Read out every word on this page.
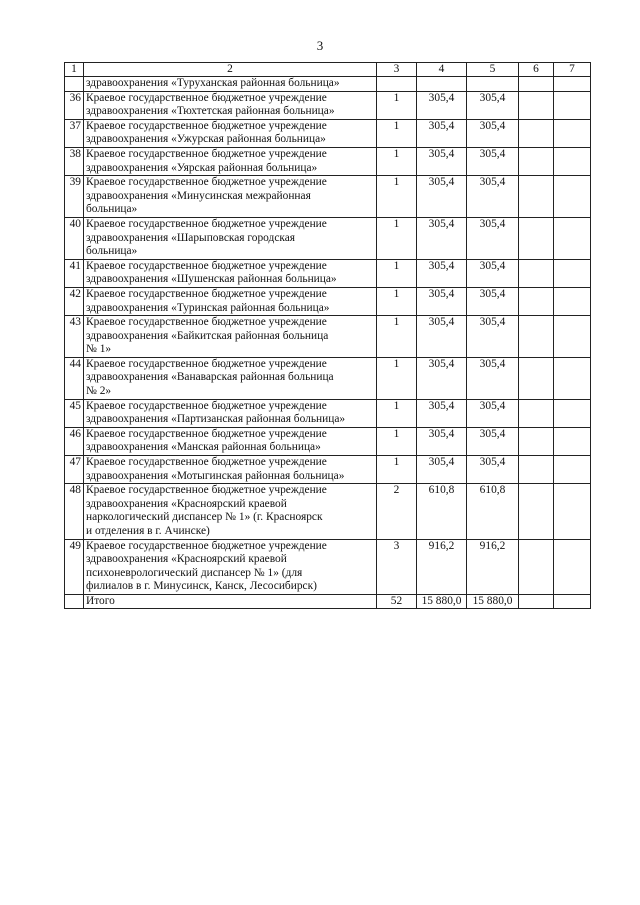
3
1	2	3	4	5	6	7

	здравоохранения «Туруханская районная больница»					

36	Краевое государственное бюджетное учреждение
здравоохранения «Тюхтетская районная больница»	1	305,4	305,4		
37	Краевое государственное бюджетное учреждение
здравоохранения «Ужурская районная больница»	1	305,4	305,4		
38	Краевое государственное бюджетное учреждение
здравоохранения «Уярская районная больница»	1	305,4	305,4		
39	Краевое государственное бюджетное учреждение
здравоохранения «Минусинская межрайонная
больница»	1	305,4	305,4		
40	Краевое государственное бюджетное учреждение
здравоохранения «Шарыповская городская
больница»	1	305,4	305,4		
41	Краевое государственное бюджетное учреждение
здравоохранения «Шушенская районная больница»	1	305,4	305,4		
42	Краевое государственное бюджетное учреждение
здравоохранения «Туринская районная больница»	1	305,4	305,4		
43	Краевое государственное бюджетное учреждение
здравоохранения «Байкитская районная больница
№ 1»	1	305,4	305,4		
44	Краевое государственное бюджетное учреждение
здравоохранения «Ванаварская районная больница
№ 2»	1	305,4	305,4		
45	Краевое государственное бюджетное учреждение
здравоохранения «Партизанская районная больница»	1	305,4	305,4		
46	Краевое государственное бюджетное учреждение
здравоохранения «Манская районная больница»	1	305,4	305,4		
47	Краевое государственное бюджетное учреждение
здравоохранения «Мотыгинская районная больница»	1	305,4	305,4		
48	Краевое государственное бюджетное учреждение
здравоохранения «Красноярский краевой
наркологический диспансер № 1» (г. Красноярск
и отделения в г. Ачинске)	2	610,8	610,8		
49	Краевое государственное бюджетное учреждение
здравоохранения «Красноярский краевой
психоневрологический диспансер № 1» (для
филиалов в г. Минусинск, Канск, Лесосибирск)	3	916,2	916,2		
	Итого	52	15 880,0	15 880,0		
